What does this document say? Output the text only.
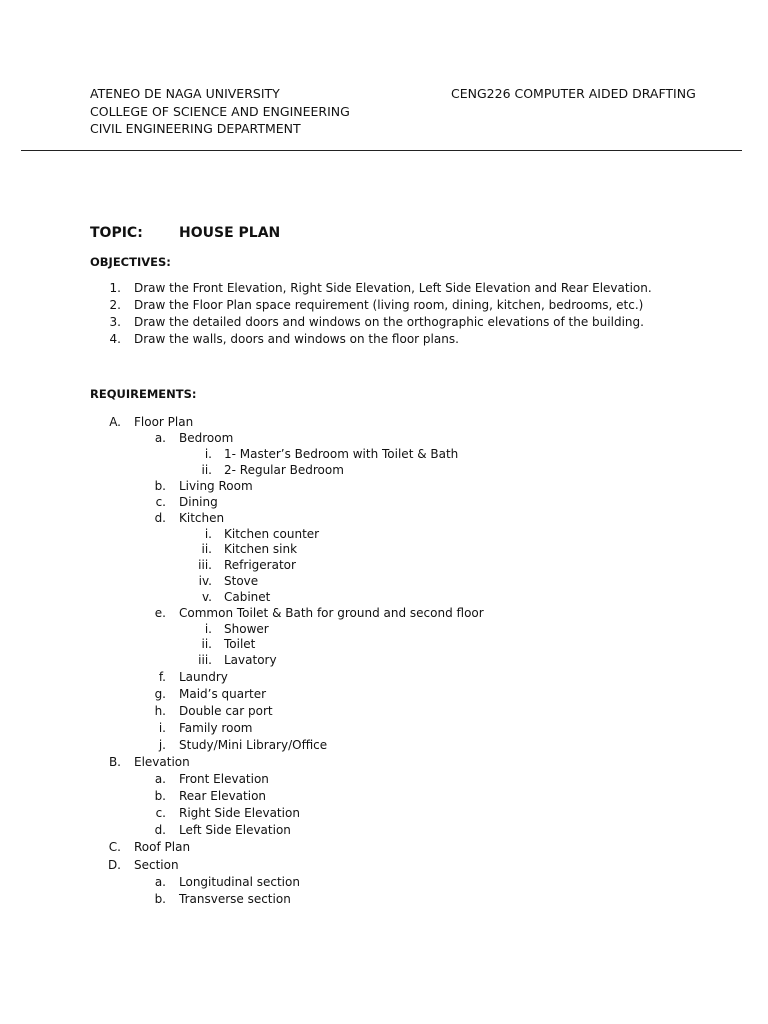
ATENEO DE NAGA UNIVERSITY
COLLEGE OF SCIENCE AND ENGINEERING
CIVIL ENGINEERING DEPARTMENT
CENG226 COMPUTER AIDED DRAFTING
TOPIC:	HOUSE PLAN
OBJECTIVES:
1. Draw the Front Elevation, Right Side Elevation, Left Side Elevation and Rear Elevation.
2. Draw the Floor Plan space requirement (living room, dining, kitchen, bedrooms, etc.)
3. Draw the detailed doors and windows on the orthographic elevations of the building.
4. Draw the walls, doors and windows on the floor plans.
REQUIREMENTS:
A. Floor Plan
a. Bedroom
i. 1- Master’s Bedroom with Toilet & Bath
ii. 2- Regular Bedroom
b. Living Room
c. Dining
d. Kitchen
i. Kitchen counter
ii. Kitchen sink
iii. Refrigerator
iv. Stove
v. Cabinet
e. Common Toilet & Bath for ground and second floor
i. Shower
ii. Toilet
iii. Lavatory
f. Laundry
g. Maid’s quarter
h. Double car port
i. Family room
j. Study/Mini Library/Office
B. Elevation
a. Front Elevation
b. Rear Elevation
c. Right Side Elevation
d. Left Side Elevation
C. Roof Plan
D. Section
a. Longitudinal section
b. Transverse section
